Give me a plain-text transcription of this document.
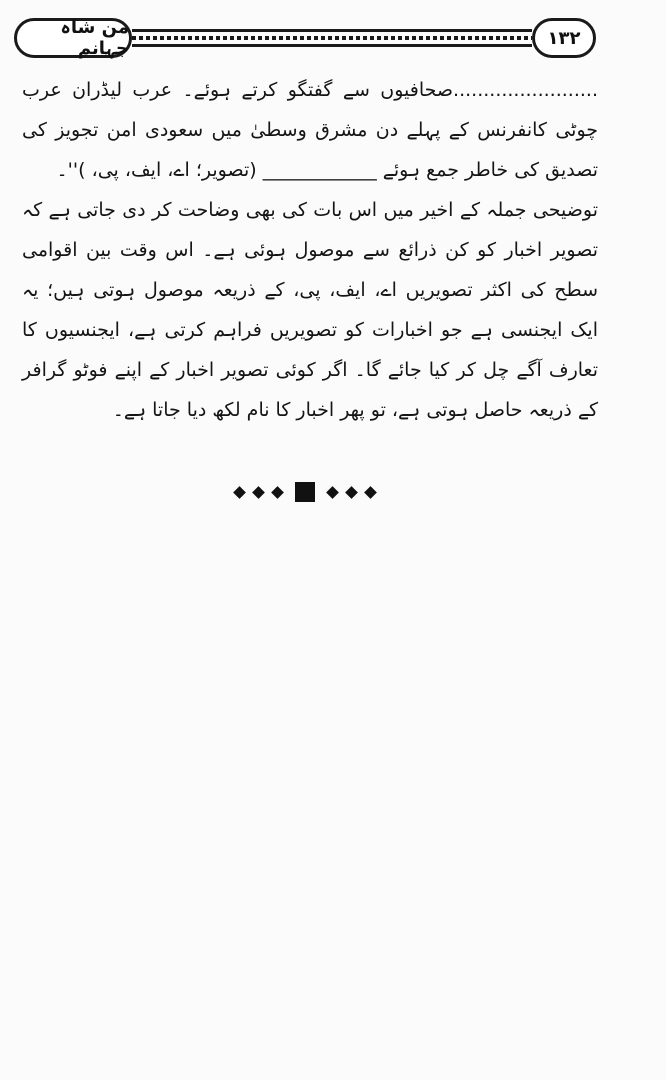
من شاہ جہانم	۱۳۲

........................صحافیوں سے گفتگو کرتے ہوئے۔ عرب لیڈران عرب چوٹی کانفرنس کے پہلے دن مشرق وسطیٰ میں سعودی امن تجویز کی تصدیق کی خاطر جمع ہوئے ____________ (تصویر؛ اے، ایف، پی، )''۔

توضیحی جملہ کے اخیر میں اس بات کی بھی وضاحت کر دی جاتی ہے کہ تصویر اخبار کو کن ذرائع سے موصول ہوئی ہے۔ اس وقت بین اقوامی سطح کی اکثر تصویریں اے، ایف، پی، کے ذریعہ موصول ہوتی ہیں؛ یہ ایک ایجنسی ہے جو اخبارات کو تصویریں فراہم کرتی ہے، ایجنسیوں کا تعارف آگے چل کر کیا جائے گا۔ اگر کوئی تصویر اخبار کے اپنے فوٹو گرافر کے ذریعہ حاصل ہوتی ہے، تو پھر اخبار کا نام لکھ دیا جاتا ہے۔
